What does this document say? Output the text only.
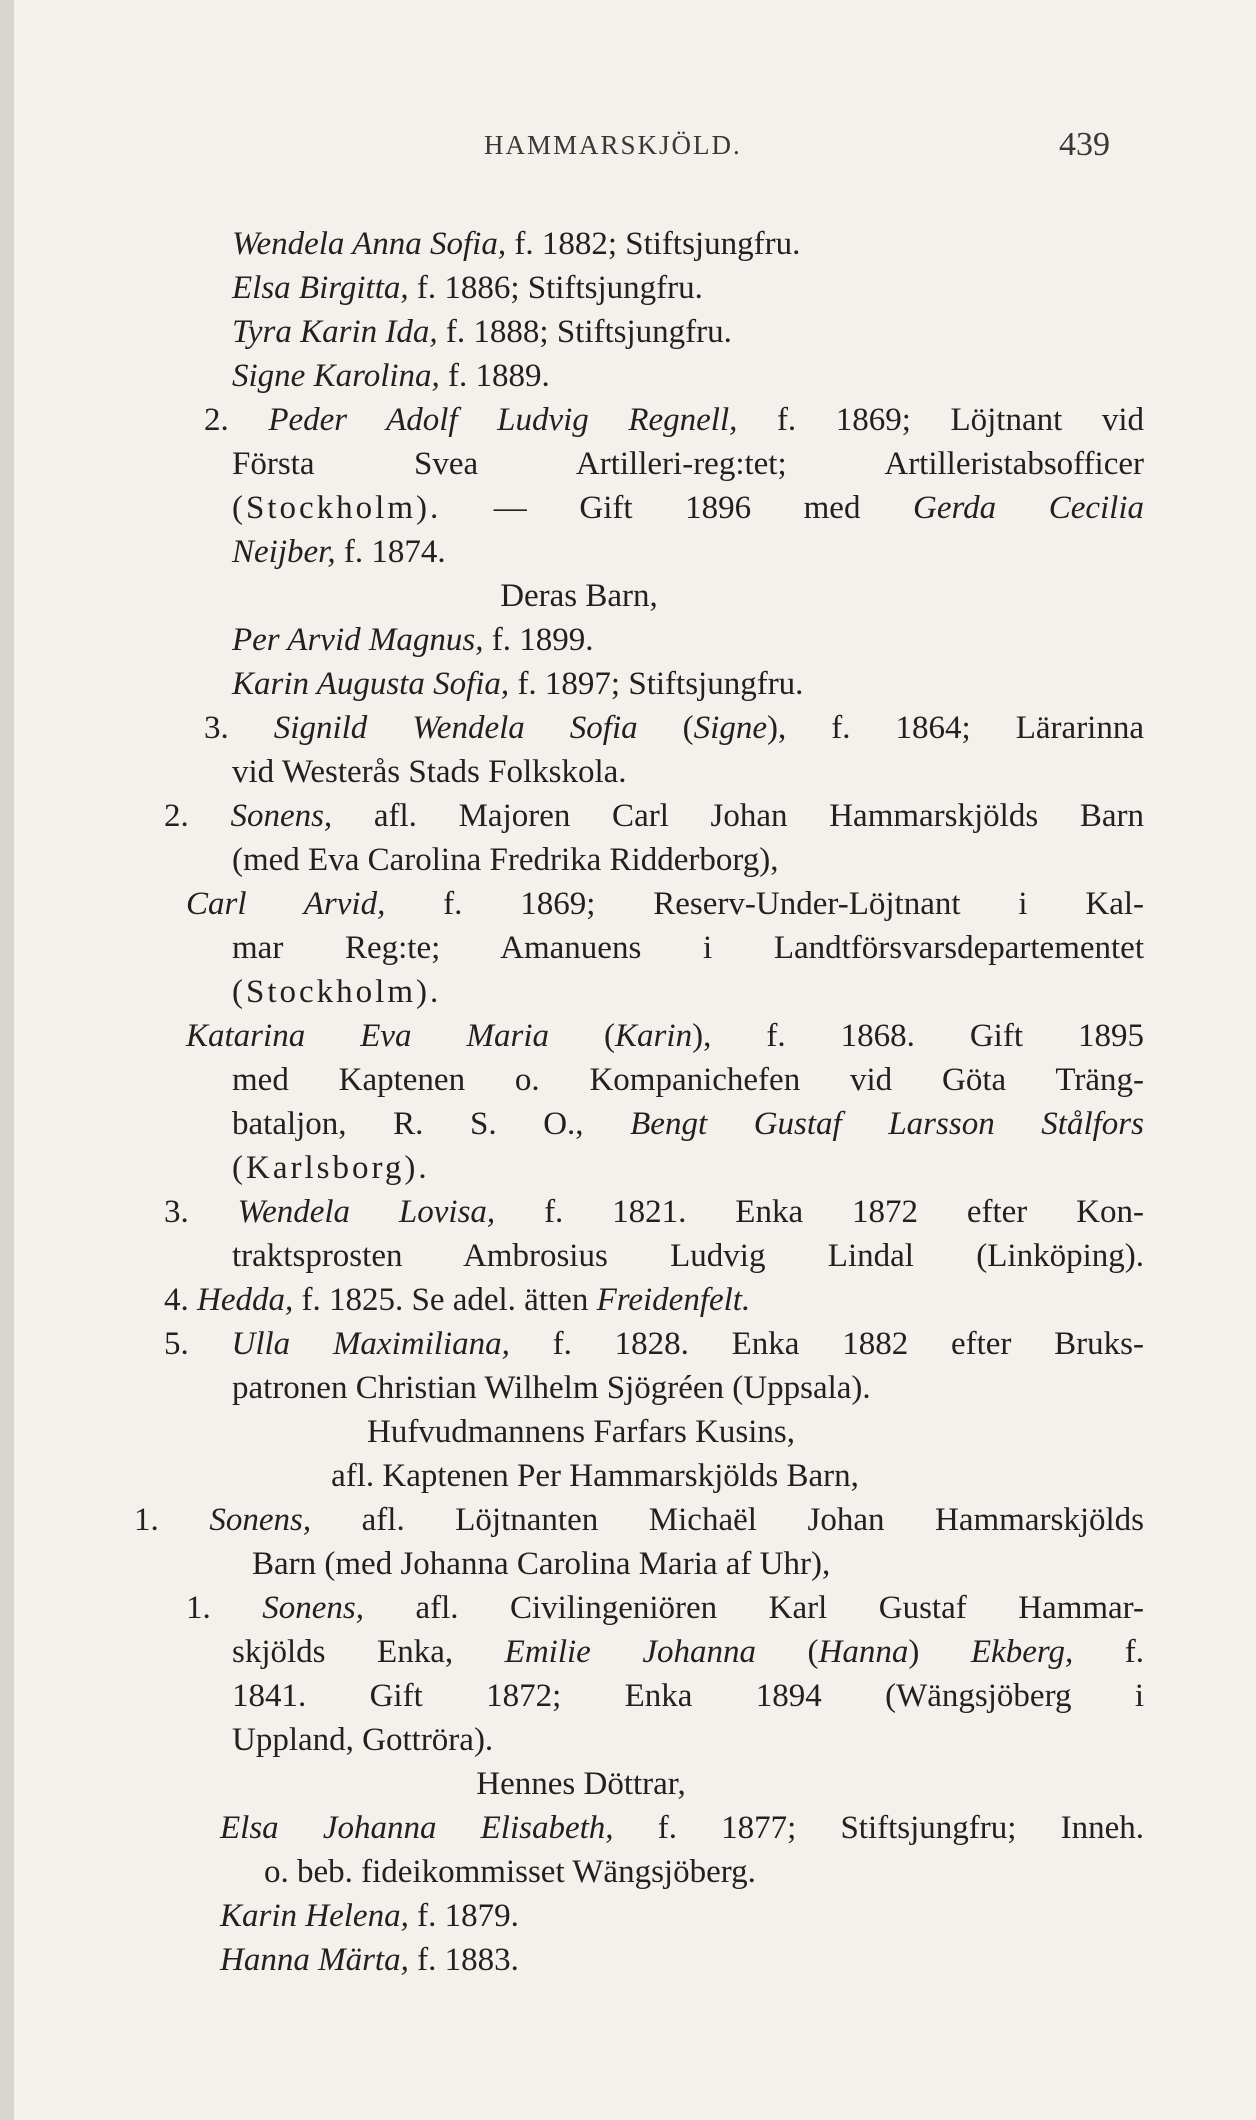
HAMMARSKJÖLD.	439
Wendela Anna Sofia, f. 1882; Stiftsjungfru.
Elsa Birgitta, f. 1886; Stiftsjungfru.
Tyra Karin Ida, f. 1888; Stiftsjungfru.
Signe Karolina, f. 1889.
2. Peder Adolf Ludvig Regnell, f. 1869; Löjtnant vid
Första Svea Artilleri-reg:tet; Artilleristabsofficer
(Stockholm). — Gift 1896 med Gerda Cecilia
Neijber, f. 1874.
Deras Barn,
Per Arvid Magnus, f. 1899.
Karin Augusta Sofia, f. 1897; Stiftsjungfru.
3. Signild Wendela Sofia (Signe), f. 1864; Lärarinna
vid Westerås Stads Folkskola.
2. Sonens, afl. Majoren Carl Johan Hammarskjölds Barn
(med Eva Carolina Fredrika Ridderborg),
Carl Arvid, f. 1869; Reserv-Under-Löjtnant i Kal-
mar Reg:te; Amanuens i Landtförsvarsdepartementet
(Stockholm).
Katarina Eva Maria (Karin), f. 1868. Gift 1895
med Kaptenen o. Kompanichefen vid Göta Träng-
bataljon, R. S. O., Bengt Gustaf Larsson Stålfors
(Karlsborg).
3. Wendela Lovisa, f. 1821. Enka 1872 efter Kon-
traktsprosten Ambrosius Ludvig Lindal (Linköping).
4. Hedda, f. 1825. Se adel. ätten Freidenfelt.
5. Ulla Maximiliana, f. 1828. Enka 1882 efter Bruks-
patronen Christian Wilhelm Sjögréen (Uppsala).
Hufvudmannens Farfars Kusins,
afl. Kaptenen Per Hammarskjölds Barn,
1. Sonens, afl. Löjtnanten Michaël Johan Hammarskjölds
Barn (med Johanna Carolina Maria af Uhr),
1. Sonens, afl. Civilingeniören Karl Gustaf Hammar-
skjölds Enka, Emilie Johanna (Hanna) Ekberg, f.
1841. Gift 1872; Enka 1894 (Wängsjöberg i
Uppland, Gottröra).
Hennes Döttrar,
Elsa Johanna Elisabeth, f. 1877; Stiftsjungfru; Inneh.
o. beb. fideikommisset Wängsjöberg.
Karin Helena, f. 1879.
Hanna Märta, f. 1883.
